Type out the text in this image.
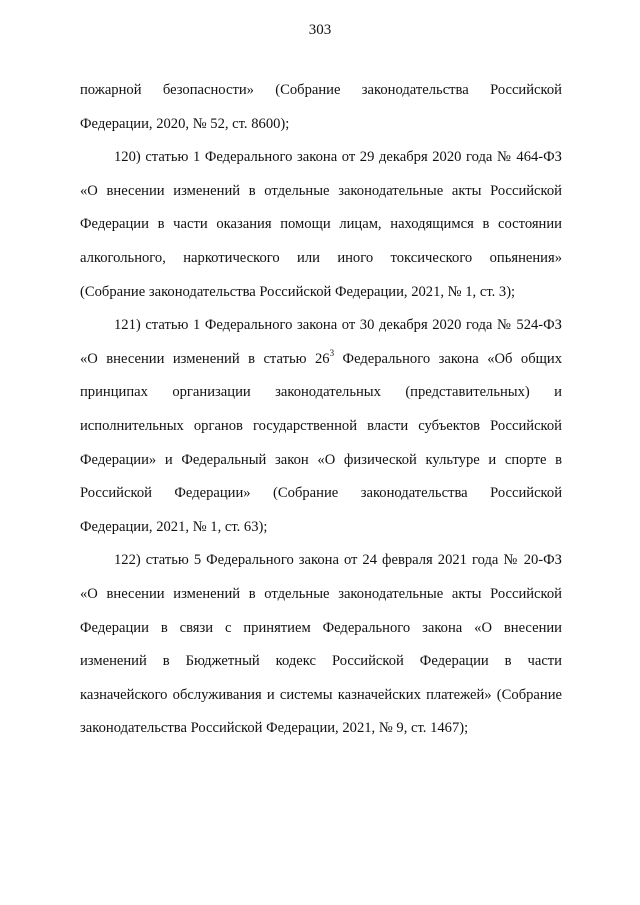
303

пожарной безопасности» (Собрание законодательства Российской Федерации, 2020, № 52, ст. 8600);

120) статью 1 Федерального закона от 29 декабря 2020 года № 464-ФЗ «О внесении изменений в отдельные законодательные акты Российской Федерации в части оказания помощи лицам, находящимся в состоянии алкогольного, наркотического или иного токсического опьянения» (Собрание законодательства Российской Федерации, 2021, № 1, ст. 3);

121) статью 1 Федерального закона от 30 декабря 2020 года № 524-ФЗ «О внесении изменений в статью $26^3$ Федерального закона «Об общих принципах организации законодательных (представительных) и исполнительных органов государственной власти субъектов Российской Федерации» и Федеральный закон «О физической культуре и спорте в Российской Федерации» (Собрание законодательства Российской Федерации, 2021, № 1, ст. 63);

122) статью 5 Федерального закона от 24 февраля 2021 года № 20-ФЗ «О внесении изменений в отдельные законодательные акты Российской Федерации в связи с принятием Федерального закона «О внесении изменений в Бюджетный кодекс Российской Федерации в части казначейского обслуживания и системы казначейских платежей» (Собрание законодательства Российской Федерации, 2021, № 9, ст. 1467);
